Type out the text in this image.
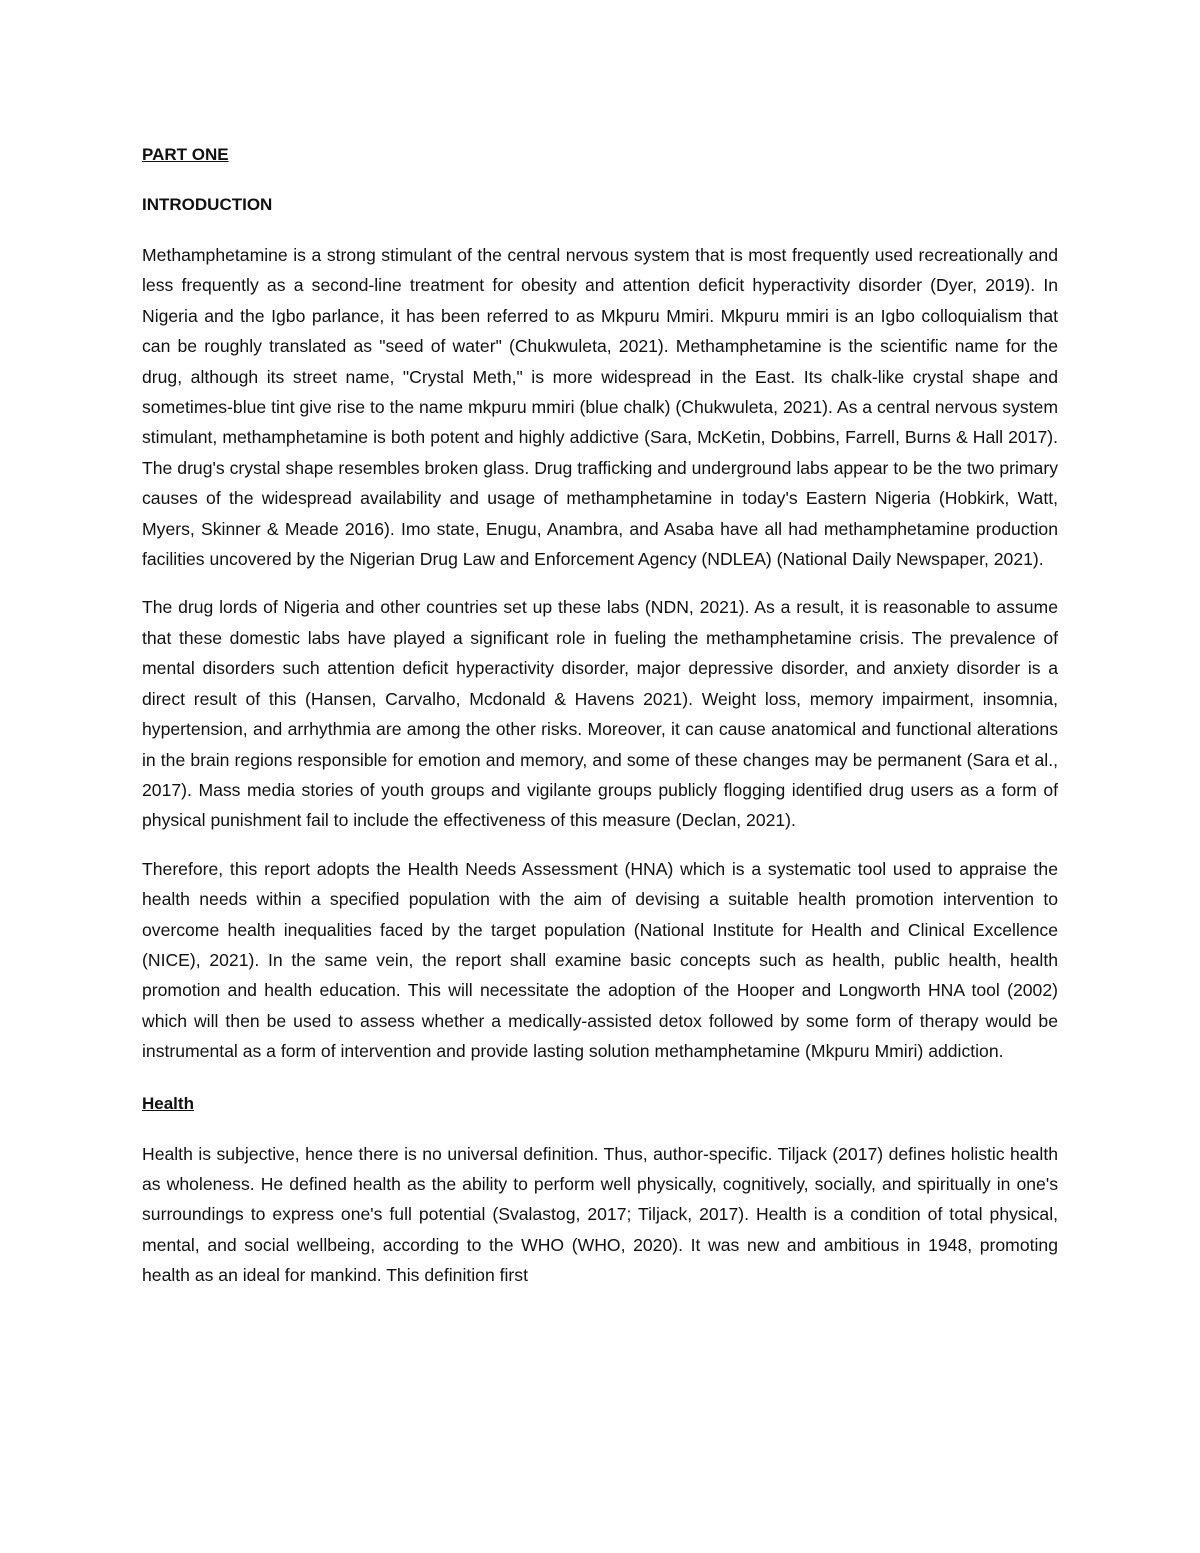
PART ONE
INTRODUCTION

Methamphetamine is a strong stimulant of the central nervous system that is most frequently used recreationally and less frequently as a second-line treatment for obesity and attention deficit hyperactivity disorder (Dyer, 2019). In Nigeria and the Igbo parlance, it has been referred to as Mkpuru Mmiri. Mkpuru mmiri is an Igbo colloquialism that can be roughly translated as "seed of water" (Chukwuleta, 2021). Methamphetamine is the scientific name for the drug, although its street name, "Crystal Meth," is more widespread in the East. Its chalk-like crystal shape and sometimes-blue tint give rise to the name mkpuru mmiri (blue chalk) (Chukwuleta, 2021). As a central nervous system stimulant, methamphetamine is both potent and highly addictive (Sara, McKetin, Dobbins, Farrell, Burns & Hall 2017). The drug's crystal shape resembles broken glass. Drug trafficking and underground labs appear to be the two primary causes of the widespread availability and usage of methamphetamine in today's Eastern Nigeria (Hobkirk, Watt, Myers, Skinner & Meade 2016). Imo state, Enugu, Anambra, and Asaba have all had methamphetamine production facilities uncovered by the Nigerian Drug Law and Enforcement Agency (NDLEA) (National Daily Newspaper, 2021).

The drug lords of Nigeria and other countries set up these labs (NDN, 2021). As a result, it is reasonable to assume that these domestic labs have played a significant role in fueling the methamphetamine crisis. The prevalence of mental disorders such attention deficit hyperactivity disorder, major depressive disorder, and anxiety disorder is a direct result of this (Hansen, Carvalho, Mcdonald & Havens 2021). Weight loss, memory impairment, insomnia, hypertension, and arrhythmia are among the other risks. Moreover, it can cause anatomical and functional alterations in the brain regions responsible for emotion and memory, and some of these changes may be permanent (Sara et al., 2017). Mass media stories of youth groups and vigilante groups publicly flogging identified drug users as a form of physical punishment fail to include the effectiveness of this measure (Declan, 2021).

Therefore, this report adopts the Health Needs Assessment (HNA) which is a systematic tool used to appraise the health needs within a specified population with the aim of devising a suitable health promotion intervention to overcome health inequalities faced by the target population (National Institute for Health and Clinical Excellence (NICE), 2021). In the same vein, the report shall examine basic concepts such as health, public health, health promotion and health education. This will necessitate the adoption of the Hooper and Longworth HNA tool (2002) which will then be used to assess whether a medically-assisted detox followed by some form of therapy would be instrumental as a form of intervention and provide lasting solution methamphetamine (Mkpuru Mmiri) addiction.

Health

Health is subjective, hence there is no universal definition. Thus, author-specific. Tiljack (2017) defines holistic health as wholeness. He defined health as the ability to perform well physically, cognitively, socially, and spiritually in one's surroundings to express one's full potential (Svalastog, 2017; Tiljack, 2017). Health is a condition of total physical, mental, and social wellbeing, according to the WHO (WHO, 2020). It was new and ambitious in 1948, promoting health as an ideal for mankind. This definition first
